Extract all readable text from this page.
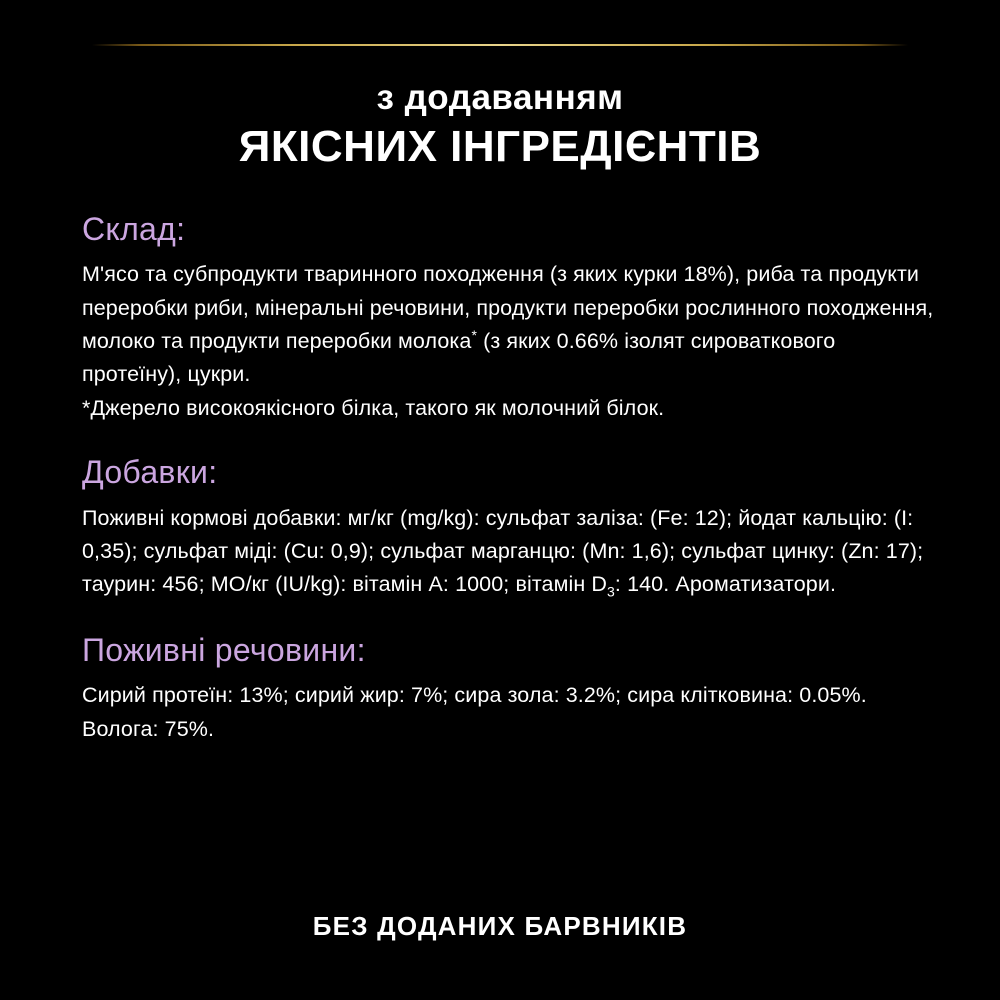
з додаванням
ЯКІСНИХ ІНГРЕДІЄНТІВ
Склад:

М'ясо та субпродукти тваринного походження (з яких курки 18%), риба та продукти переробки риби, мінеральні речовини, продукти переробки рослинного походження, молоко та продукти переробки молока* (з яких 0.66% ізолят сироваткового протеїну), цукри.
*Джерело високоякісного білка, такого як молочний білок.

Добавки:

Поживні кормові добавки: мг/кг (mg/kg): сульфат заліза: (Fe: 12); йодат кальцію: (I: 0,35); сульфат міді: (Cu: 0,9); сульфат марганцю: (Mn: 1,6); сульфат цинку: (Zn: 17); таурин: 456; МО/кг (IU/kg): вітамін А: 1000; вітамін $D_3$: 140. Ароматизатори.

Поживні речовини:

Сирий протеїн: 13%; сирий жир: 7%; сира зола: 3.2%; сира клітковина: 0.05%. Волога: 75%.

БЕЗ ДОДАНИХ БАРВНИКІВ
